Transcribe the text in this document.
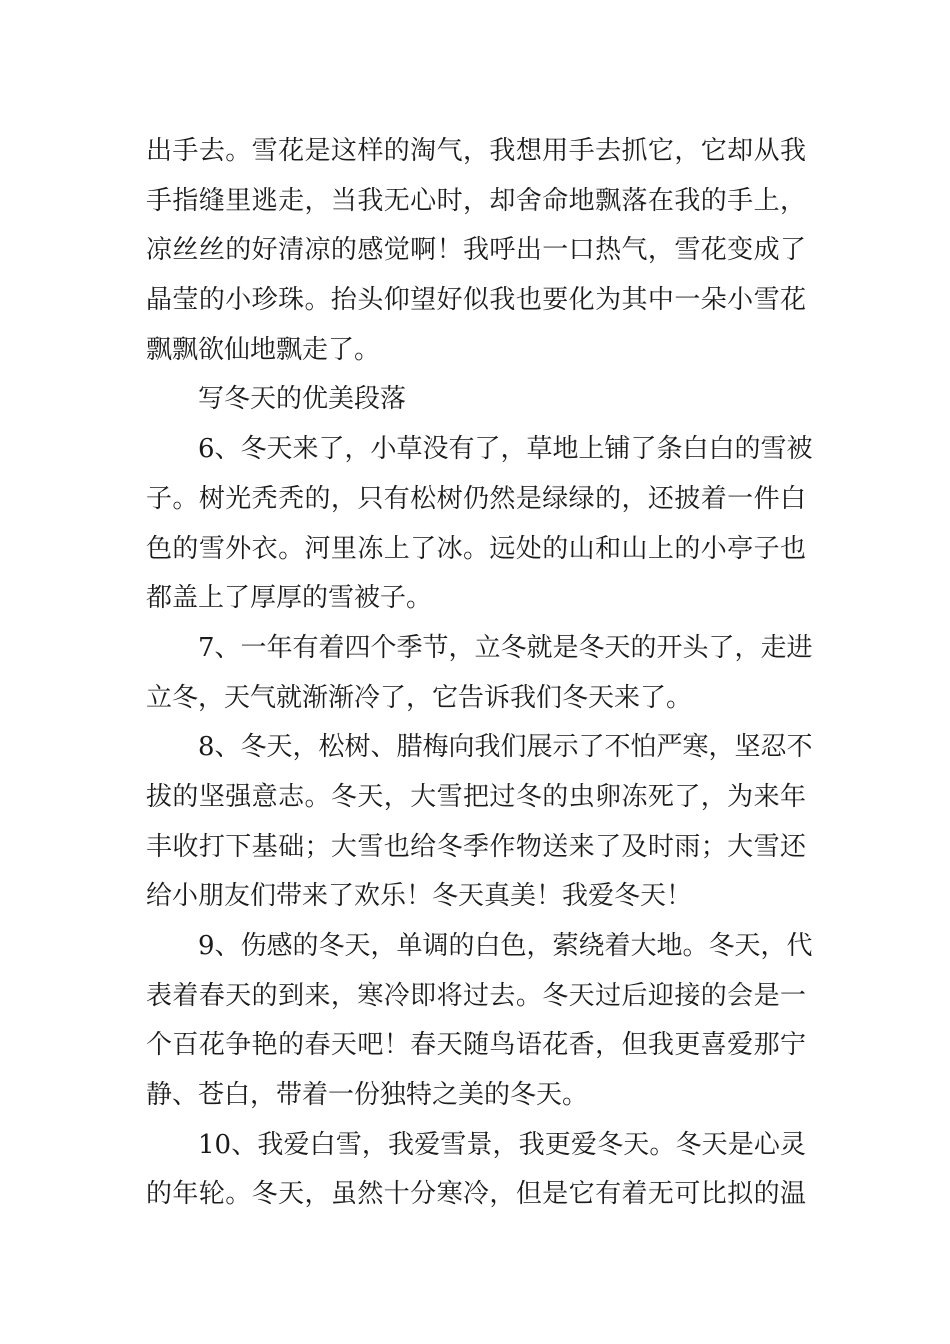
出手去。雪花是这样的淘气，我想用手去抓它，它却从我
手指缝里逃走，当我无心时，却舍命地飘落在我的手上，
凉丝丝的好清凉的感觉啊！我呼出一口热气，雪花变成了
晶莹的小珍珠。抬头仰望好似我也要化为其中一朵小雪花
飘飘欲仙地飘走了。
写冬天的优美段落
6、冬天来了，小草没有了，草地上铺了条白白的雪被
子。树光秃秃的，只有松树仍然是绿绿的，还披着一件白
色的雪外衣。河里冻上了冰。远处的山和山上的小亭子也
都盖上了厚厚的雪被子。
7、一年有着四个季节，立冬就是冬天的开头了，走进
立冬，天气就渐渐冷了，它告诉我们冬天来了。
8、冬天，松树、腊梅向我们展示了不怕严寒，坚忍不
拔的坚强意志。冬天，大雪把过冬的虫卵冻死了，为来年
丰收打下基础；大雪也给冬季作物送来了及时雨；大雪还
给小朋友们带来了欢乐！冬天真美！我爱冬天！
9、伤感的冬天，单调的白色，萦绕着大地。冬天，代
表着春天的到来，寒冷即将过去。冬天过后迎接的会是一
个百花争艳的春天吧！春天随鸟语花香，但我更喜爱那宁
静、苍白，带着一份独特之美的冬天。
10、我爱白雪，我爱雪景，我更爱冬天。冬天是心灵
的年轮。冬天，虽然十分寒冷，但是它有着无可比拟的温
